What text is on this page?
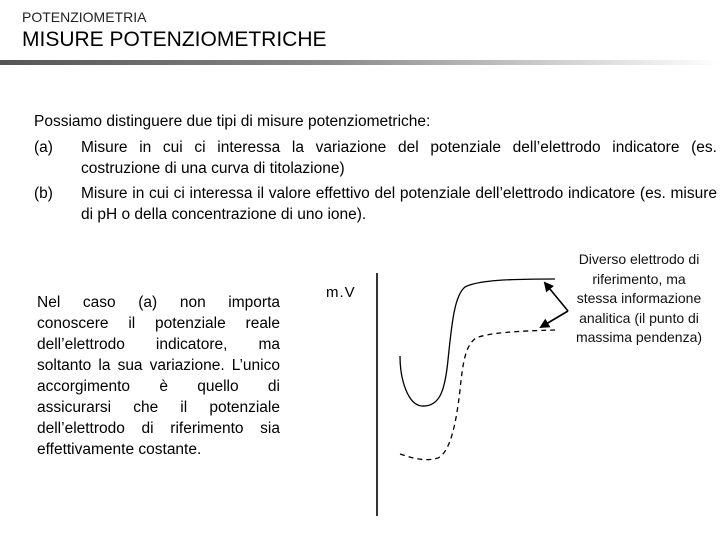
POTENZIOMETRIA
MISURE POTENZIOMETRICHE
Possiamo distinguere due tipi di misure potenziometriche:
(a) Misure in cui ci interessa la variazione del potenziale dell’elettrodo indicatore (es. costruzione di una curva di titolazione)
(b) Misure in cui ci interessa il valore effettivo del potenziale dell’elettrodo indicatore (es. misure di pH o della concentrazione di uno ione).
Nel caso (a) non importa conoscere il potenziale reale dell’elettrodo indicatore, ma soltanto la sua variazione. L’unico accorgimento è quello di assicurarsi che il potenziale dell’elettrodo di riferimento sia effettivamente costante.
m.V
Diverso elettrodo di riferimento, ma stessa informazione analitica (il punto di massima pendenza)
